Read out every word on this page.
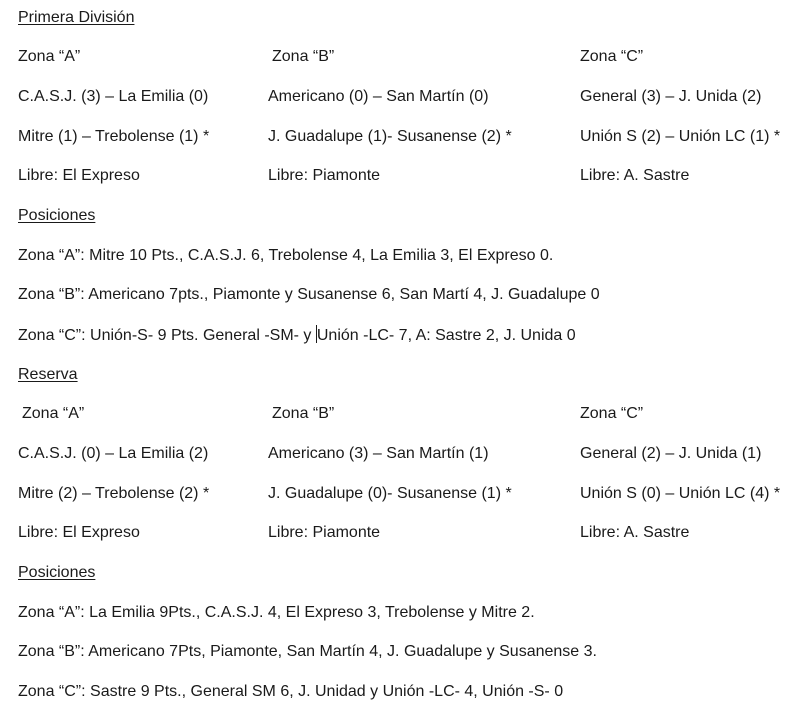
Primera División
Zona “A”	Zona “B”	Zona “C”
C.A.S.J. (3) – La Emilia (0)	Americano (0) – San Martín (0)	General (3) – J. Unida (2)
Mitre (1) – Trebolense (1) *	J. Guadalupe (1)- Susanense (2) *	Unión S (2) – Unión LC (1) *
Libre: El Expreso	Libre: Piamonte	Libre: A. Sastre
Posiciones
Zona “A”: Mitre 10 Pts., C.A.S.J. 6, Trebolense 4, La Emilia 3, El Expreso 0.
Zona “B”: Americano 7pts., Piamonte y Susanense 6, San Martí 4, J. Guadalupe 0
Zona “C”: Unión-S- 9 Pts. General -SM- y Unión -LC- 7, A: Sastre 2, J. Unida 0
Reserva
Zona “A”	Zona “B”	Zona “C”
C.A.S.J. (0) – La Emilia (2)	Americano (3) – San Martín (1)	General (2) – J. Unida (1)
Mitre (2) – Trebolense (2) *	J. Guadalupe (0)- Susanense (1) *	Unión S (0) – Unión LC (4) *
Libre: El Expreso	Libre: Piamonte	Libre: A. Sastre
Posiciones
Zona “A”: La Emilia 9Pts., C.A.S.J. 4, El Expreso 3, Trebolense y Mitre 2.
Zona “B”: Americano 7Pts, Piamonte, San Martín 4, J. Guadalupe y Susanense 3.
Zona “C”: Sastre 9 Pts., General SM 6, J. Unidad y Unión -LC- 4, Unión -S- 0
